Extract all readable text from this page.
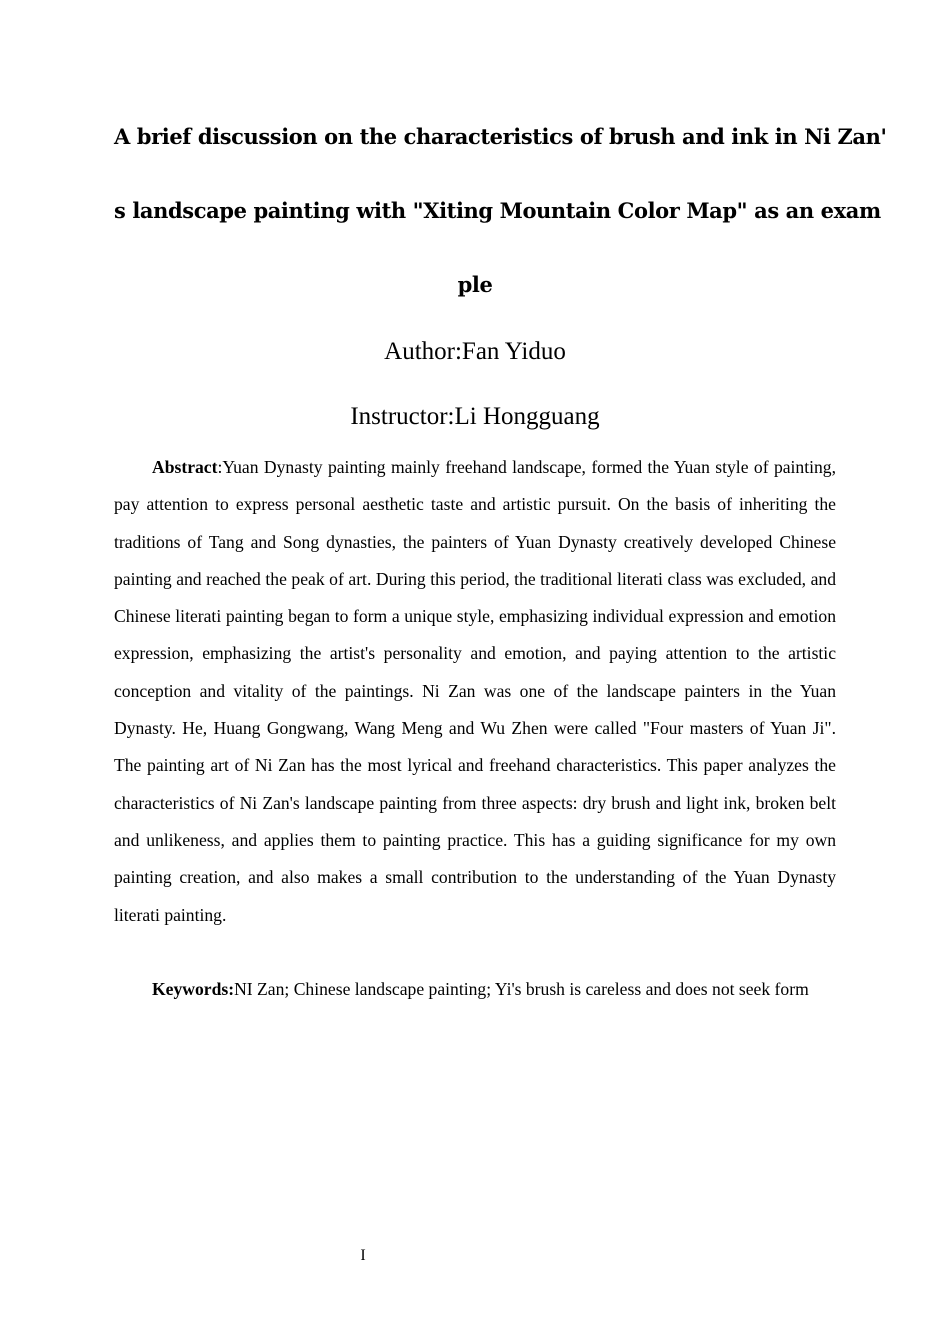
A brief discussion on the characteristics of brush and ink in Ni Zan'
s landscape painting with "Xiting Mountain Color Map" as an exam
ple
Author:Fan Yiduo
Instructor:Li Hongguang

Abstract:Yuan Dynasty painting mainly freehand landscape, formed the Yuan style of painting, pay attention to express personal aesthetic taste and artistic pursuit. On the basis of inheriting the traditions of Tang and Song dynasties, the painters of Yuan Dynasty creatively developed Chinese painting and reached the peak of art. During this period, the traditional literati class was excluded, and Chinese literati painting began to form a unique style, emphasizing individual expression and emotion expression, emphasizing the artist's personality and emotion, and paying attention to the artistic conception and vitality of the paintings. Ni Zan was one of the landscape painters in the Yuan Dynasty. He, Huang Gongwang, Wang Meng and Wu Zhen were called "Four masters of Yuan Ji". The painting art of Ni Zan has the most lyrical and freehand characteristics. This paper analyzes the characteristics of Ni Zan's landscape painting from three aspects: dry brush and light ink, broken belt and unlikeness, and applies them to painting practice. This has a guiding significance for my own painting creation, and also makes a small contribution to the understanding of the Yuan Dynasty literati painting.

Keywords:NI Zan; Chinese landscape painting; Yi's brush is careless and does not seek form

I
